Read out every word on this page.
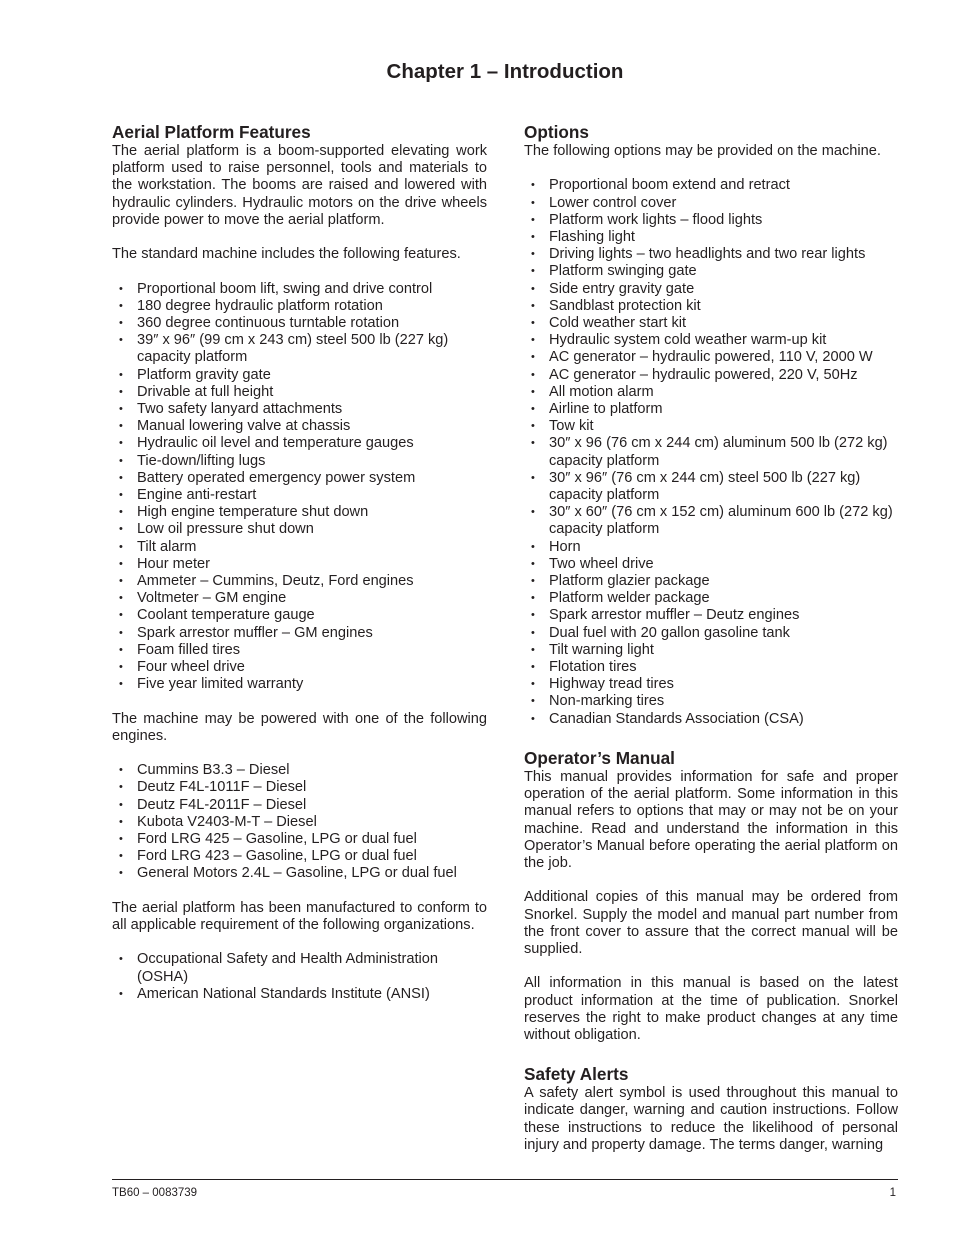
Chapter 1 – Introduction
Aerial Platform Features

The aerial platform is a boom-supported elevating work platform used to raise personnel, tools and materials to the workstation. The booms are raised and lowered with hydraulic cylinders. Hydraulic motors on the drive wheels provide power to move the aerial platform.

The standard machine includes the following features.

• Proportional boom lift, swing and drive control
• 180 degree hydraulic platform rotation
• 360 degree continuous turntable rotation
• 39″ x 96″ (99 cm x 243 cm) steel 500 lb (227 kg) capacity platform
• Platform gravity gate
• Drivable at full height
• Two safety lanyard attachments
• Manual lowering valve at chassis
• Hydraulic oil level and temperature gauges
• Tie-down/lifting lugs
• Battery operated emergency power system
• Engine anti-restart
• High engine temperature shut down
• Low oil pressure shut down
• Tilt alarm
• Hour meter
• Ammeter – Cummins, Deutz, Ford engines
• Voltmeter – GM engine
• Coolant temperature gauge
• Spark arrestor muffler – GM engines
• Foam filled tires
• Four wheel drive
• Five year limited warranty

The machine may be powered with one of the following engines.

• Cummins B3.3 – Diesel
• Deutz F4L-1011F – Diesel
• Deutz F4L-2011F – Diesel
• Kubota V2403-M-T – Diesel
• Ford LRG 425 – Gasoline, LPG or dual fuel
• Ford LRG 423 – Gasoline, LPG or dual fuel
• General Motors 2.4L – Gasoline, LPG or dual fuel

The aerial platform has been manufactured to conform to all applicable requirement of the following organizations.

• Occupational Safety and Health Administration (OSHA)
• American National Standards Institute (ANSI)
Options

The following options may be provided on the machine.

• Proportional boom extend and retract
• Lower control cover
• Platform work lights – flood lights
• Flashing light
• Driving lights – two headlights and two rear lights
• Platform swinging gate
• Side entry gravity gate
• Sandblast protection kit
• Cold weather start kit
• Hydraulic system cold weather warm-up kit
• AC generator – hydraulic powered, 110 V, 2000 W
• AC generator – hydraulic powered, 220 V, 50Hz
• All motion alarm
• Airline to platform
• Tow kit
• 30″ x 96 (76 cm x 244 cm) aluminum 500 lb (272 kg) capacity platform
• 30″ x 96″ (76 cm x 244 cm) steel 500 lb (227 kg) capacity platform
• 30″ x 60″ (76 cm x 152 cm) aluminum 600 lb (272 kg) capacity platform
• Horn
• Two wheel drive
• Platform glazier package
• Platform welder package
• Spark arrestor muffler – Deutz engines
• Dual fuel with 20 gallon gasoline tank
• Tilt warning light
• Flotation tires
• Highway tread tires
• Non-marking tires
• Canadian Standards Association (CSA)
Operator’s Manual

This manual provides information for safe and proper operation of the aerial platform. Some information in this manual refers to options that may or may not be on your machine. Read and understand the information in this Operator’s Manual before operating the aerial platform on the job.

Additional copies of this manual may be ordered from Snorkel. Supply the model and manual part number from the front cover to assure that the correct manual will be supplied.

All information in this manual is based on the latest product information at the time of publication. Snorkel reserves the right to make product changes at any time without obligation.

Safety Alerts

A safety alert symbol is used throughout this manual to indicate danger, warning and caution instructions. Follow these instructions to reduce the likelihood of personal injury and property damage. The terms danger, warning

TB60 – 0083739	1
